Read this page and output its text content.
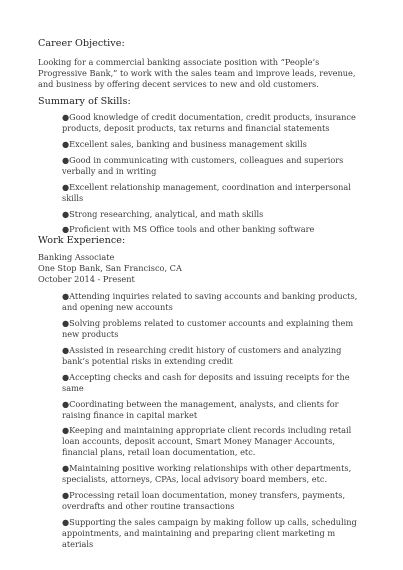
Career Objective:
Looking for a commercial banking associate position with “People’s Progressive Bank,” to work with the sales team and improve leads, revenue, and business by offering decent services to new and old customers.
Summary of Skills:
●Good knowledge of credit documentation, credit products, insurance products, deposit products, tax returns and financial statements
●Excellent sales, banking and business management skills
●Good in communicating with customers, colleagues and superiors verbally and in writing
●Excellent relationship management, coordination and interpersonal skills
●Strong researching, analytical, and math skills
●Proficient with MS Office tools and other banking software
Work Experience:
Banking Associate
One Stop Bank, San Francisco, CA
October 2014 - Present
●Attending inquiries related to saving accounts and banking products, and opening new accounts
●Solving problems related to customer accounts and explaining them new products
●Assisted in researching credit history of customers and analyzing bank’s potential risks in extending credit
●Accepting checks and cash for deposits and issuing receipts for the same
●Coordinating between the management, analysts, and clients for raising finance in capital market
●Keeping and maintaining appropriate client records including retail loan accounts, deposit account, Smart Money Manager Accounts, financial plans, retail loan documentation, etc.
●Maintaining positive working relationships with other departments, specialists, attorneys, CPAs, local advisory board members, etc.
●Processing retail loan documentation, money transfers, payments, overdrafts and other routine transactions
●Supporting the sales campaign by making follow up calls, scheduling appointments, and maintaining and preparing client marketing m aterials
